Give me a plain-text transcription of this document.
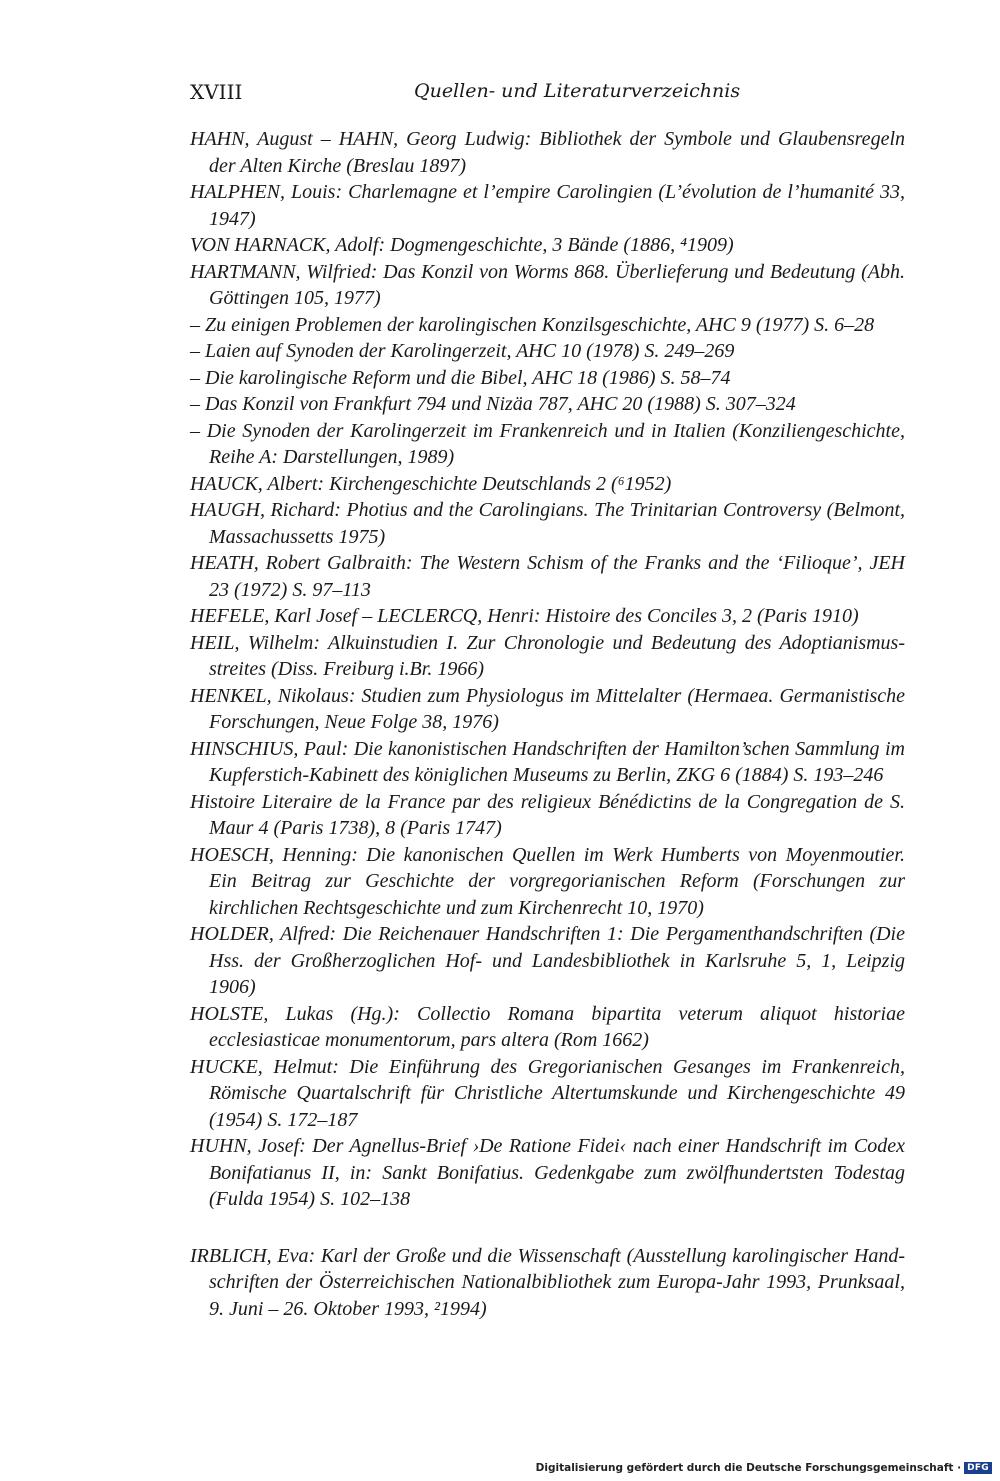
XVIII	Quellen- und Literaturverzeichnis
HAHN, August – HAHN, Georg Ludwig: Bibliothek der Symbole und Glaubensregeln der Alten Kirche (Breslau 1897)
HALPHEN, Louis: Charlemagne et l’empire Carolingien (L’évolution de l’humanité 33, 1947)
VON HARNACK, Adolf: Dogmengeschichte, 3 Bände (1886, ⁴1909)
HARTMANN, Wilfried: Das Konzil von Worms 868. Überlieferung und Bedeutung (Abh. Göttingen 105, 1977)
– Zu einigen Problemen der karolingischen Konzilsgeschichte, AHC 9 (1977) S. 6–28
– Laien auf Synoden der Karolingerzeit, AHC 10 (1978) S. 249–269
– Die karolingische Reform und die Bibel, AHC 18 (1986) S. 58–74
– Das Konzil von Frankfurt 794 und Nizäa 787, AHC 20 (1988) S. 307–324
– Die Synoden der Karolingerzeit im Frankenreich und in Italien (Konziliengeschichte, Reihe A: Darstellungen, 1989)
HAUCK, Albert: Kirchengeschichte Deutschlands 2 (⁶1952)
HAUGH, Richard: Photius and the Carolingians. The Trinitarian Controversy (Belmont, Massachussetts 1975)
HEATH, Robert Galbraith: The Western Schism of the Franks and the ‘Filioque’, JEH 23 (1972) S. 97–113
HEFELE, Karl Josef – LECLERCQ, Henri: Histoire des Conciles 3, 2 (Paris 1910)
HEIL, Wilhelm: Alkuinstudien I. Zur Chronologie und Bedeutung des Adoptianismus-streites (Diss. Freiburg i.Br. 1966)
HENKEL, Nikolaus: Studien zum Physiologus im Mittelalter (Hermaea. Germanistische Forschungen, Neue Folge 38, 1976)
HINSCHIUS, Paul: Die kanonistischen Handschriften der Hamilton’schen Sammlung im Kupferstich-Kabinett des königlichen Museums zu Berlin, ZKG 6 (1884) S. 193–246
Histoire Literaire de la France par des religieux Bénédictins de la Congregation de S. Maur 4 (Paris 1738), 8 (Paris 1747)
HOESCH, Henning: Die kanonischen Quellen im Werk Humberts von Moyenmoutier. Ein Beitrag zur Geschichte der vorgregorianischen Reform (Forschungen zur kirchlichen Rechtsgeschichte und zum Kirchenrecht 10, 1970)
HOLDER, Alfred: Die Reichenauer Handschriften 1: Die Pergamenthandschriften (Die Hss. der Großherzoglichen Hof- und Landesbibliothek in Karlsruhe 5, 1, Leipzig 1906)
HOLSTE, Lukas (Hg.): Collectio Romana bipartita veterum aliquot historiae ecclesiasticae monumentorum, pars altera (Rom 1662)
HUCKE, Helmut: Die Einführung des Gregorianischen Gesanges im Frankenreich, Römische Quartalschrift für Christliche Altertumskunde und Kirchengeschichte 49 (1954) S. 172–187
HUHN, Josef: Der Agnellus-Brief ›De Ratione Fidei‹ nach einer Handschrift im Codex Bonifatianus II, in: Sankt Bonifatius. Gedenkgabe zum zwölfhundertsten Todestag (Fulda 1954) S. 102–138
IRBLICH, Eva: Karl der Große und die Wissenschaft (Ausstellung karolingischer Hand-schriften der Österreichischen Nationalbibliothek zum Europa-Jahr 1993, Prunksaal, 9. Juni – 26. Oktober 1993, ²1994)
Digitalisierung gefördert durch die Deutsche Forschungsgemeinschaft · DFG
